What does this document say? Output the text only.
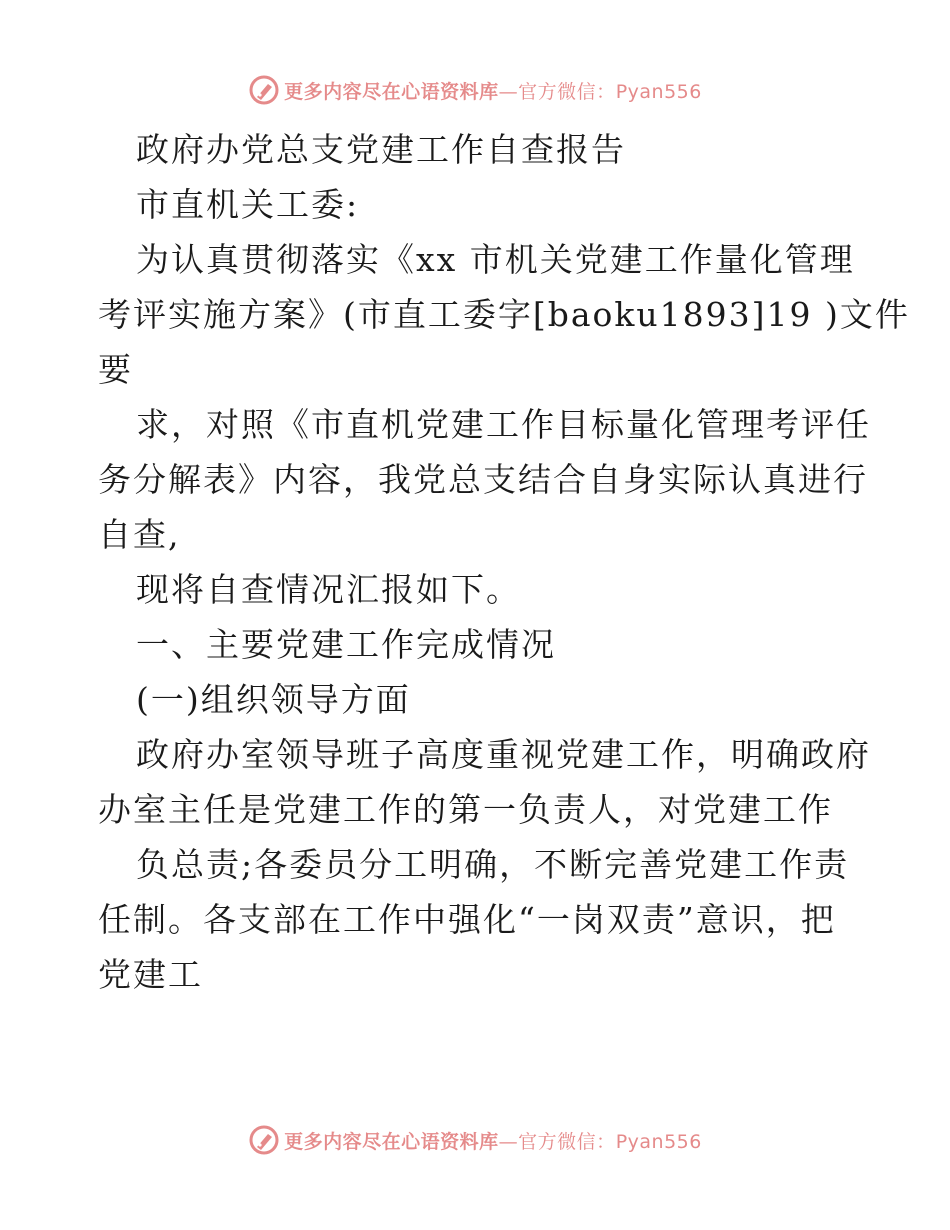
更多内容尽在心语资料库—官方微信：Pyan556

政府办党总支党建工作自查报告

市直机关工委:

为认真贯彻落实《xx 市机关党建工作量化管理

考评实施方案》(市直工委字[baoku1893]19 )文件

要

求，对照《市直机党建工作目标量化管理考评任

务分解表》内容，我党总支结合自身实际认真进行

自查,

现将自查情况汇报如下。

一、主要党建工作完成情况

(一)组织领导方面

政府办室领导班子高度重视党建工作，明确政府

办室主任是党建工作的第一负责人，对党建工作

负总责;各委员分工明确，不断完善党建工作责

任制。各支部在工作中强化“一岗双责”意识，把

党建工

更多内容尽在心语资料库—官方微信：Pyan556
